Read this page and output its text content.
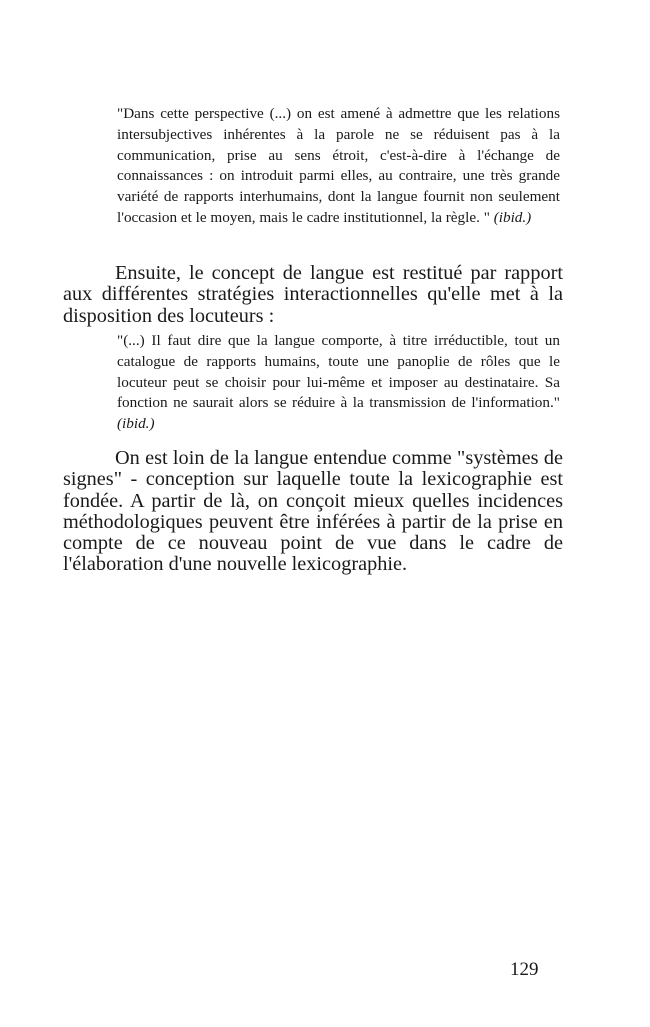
"Dans cette perspective (...) on est amené à admettre que les relations intersubjectives inhérentes à la parole ne se réduisent pas à la communication, prise au sens étroit, c'est-à-dire à l'échange de connaissances : on introduit parmi elles, au contraire, une très grande variété de rapports interhumains, dont la langue fournit non seulement l'occasion et le moyen, mais le cadre institutionnel, la règle. " (ibid.)

Ensuite, le concept de langue est restitué par rapport aux différentes stratégies interactionnelles qu'elle met à la disposition des locuteurs :

"(...) Il faut dire que la langue comporte, à titre irréductible, tout un catalogue de rapports humains, toute une panoplie de rôles que le locuteur peut se choisir pour lui-même et imposer au destinataire. Sa fonction ne saurait alors se réduire à la transmission de l'information." (ibid.)

On est loin de la langue entendue comme "systèmes de signes" - conception sur laquelle toute la lexicographie est fondée. A partir de là, on conçoit mieux quelles incidences méthodologiques peuvent être inférées à partir de la prise en compte de ce nouveau point de vue dans le cadre de l'élaboration d'une nouvelle lexicographie.

129
